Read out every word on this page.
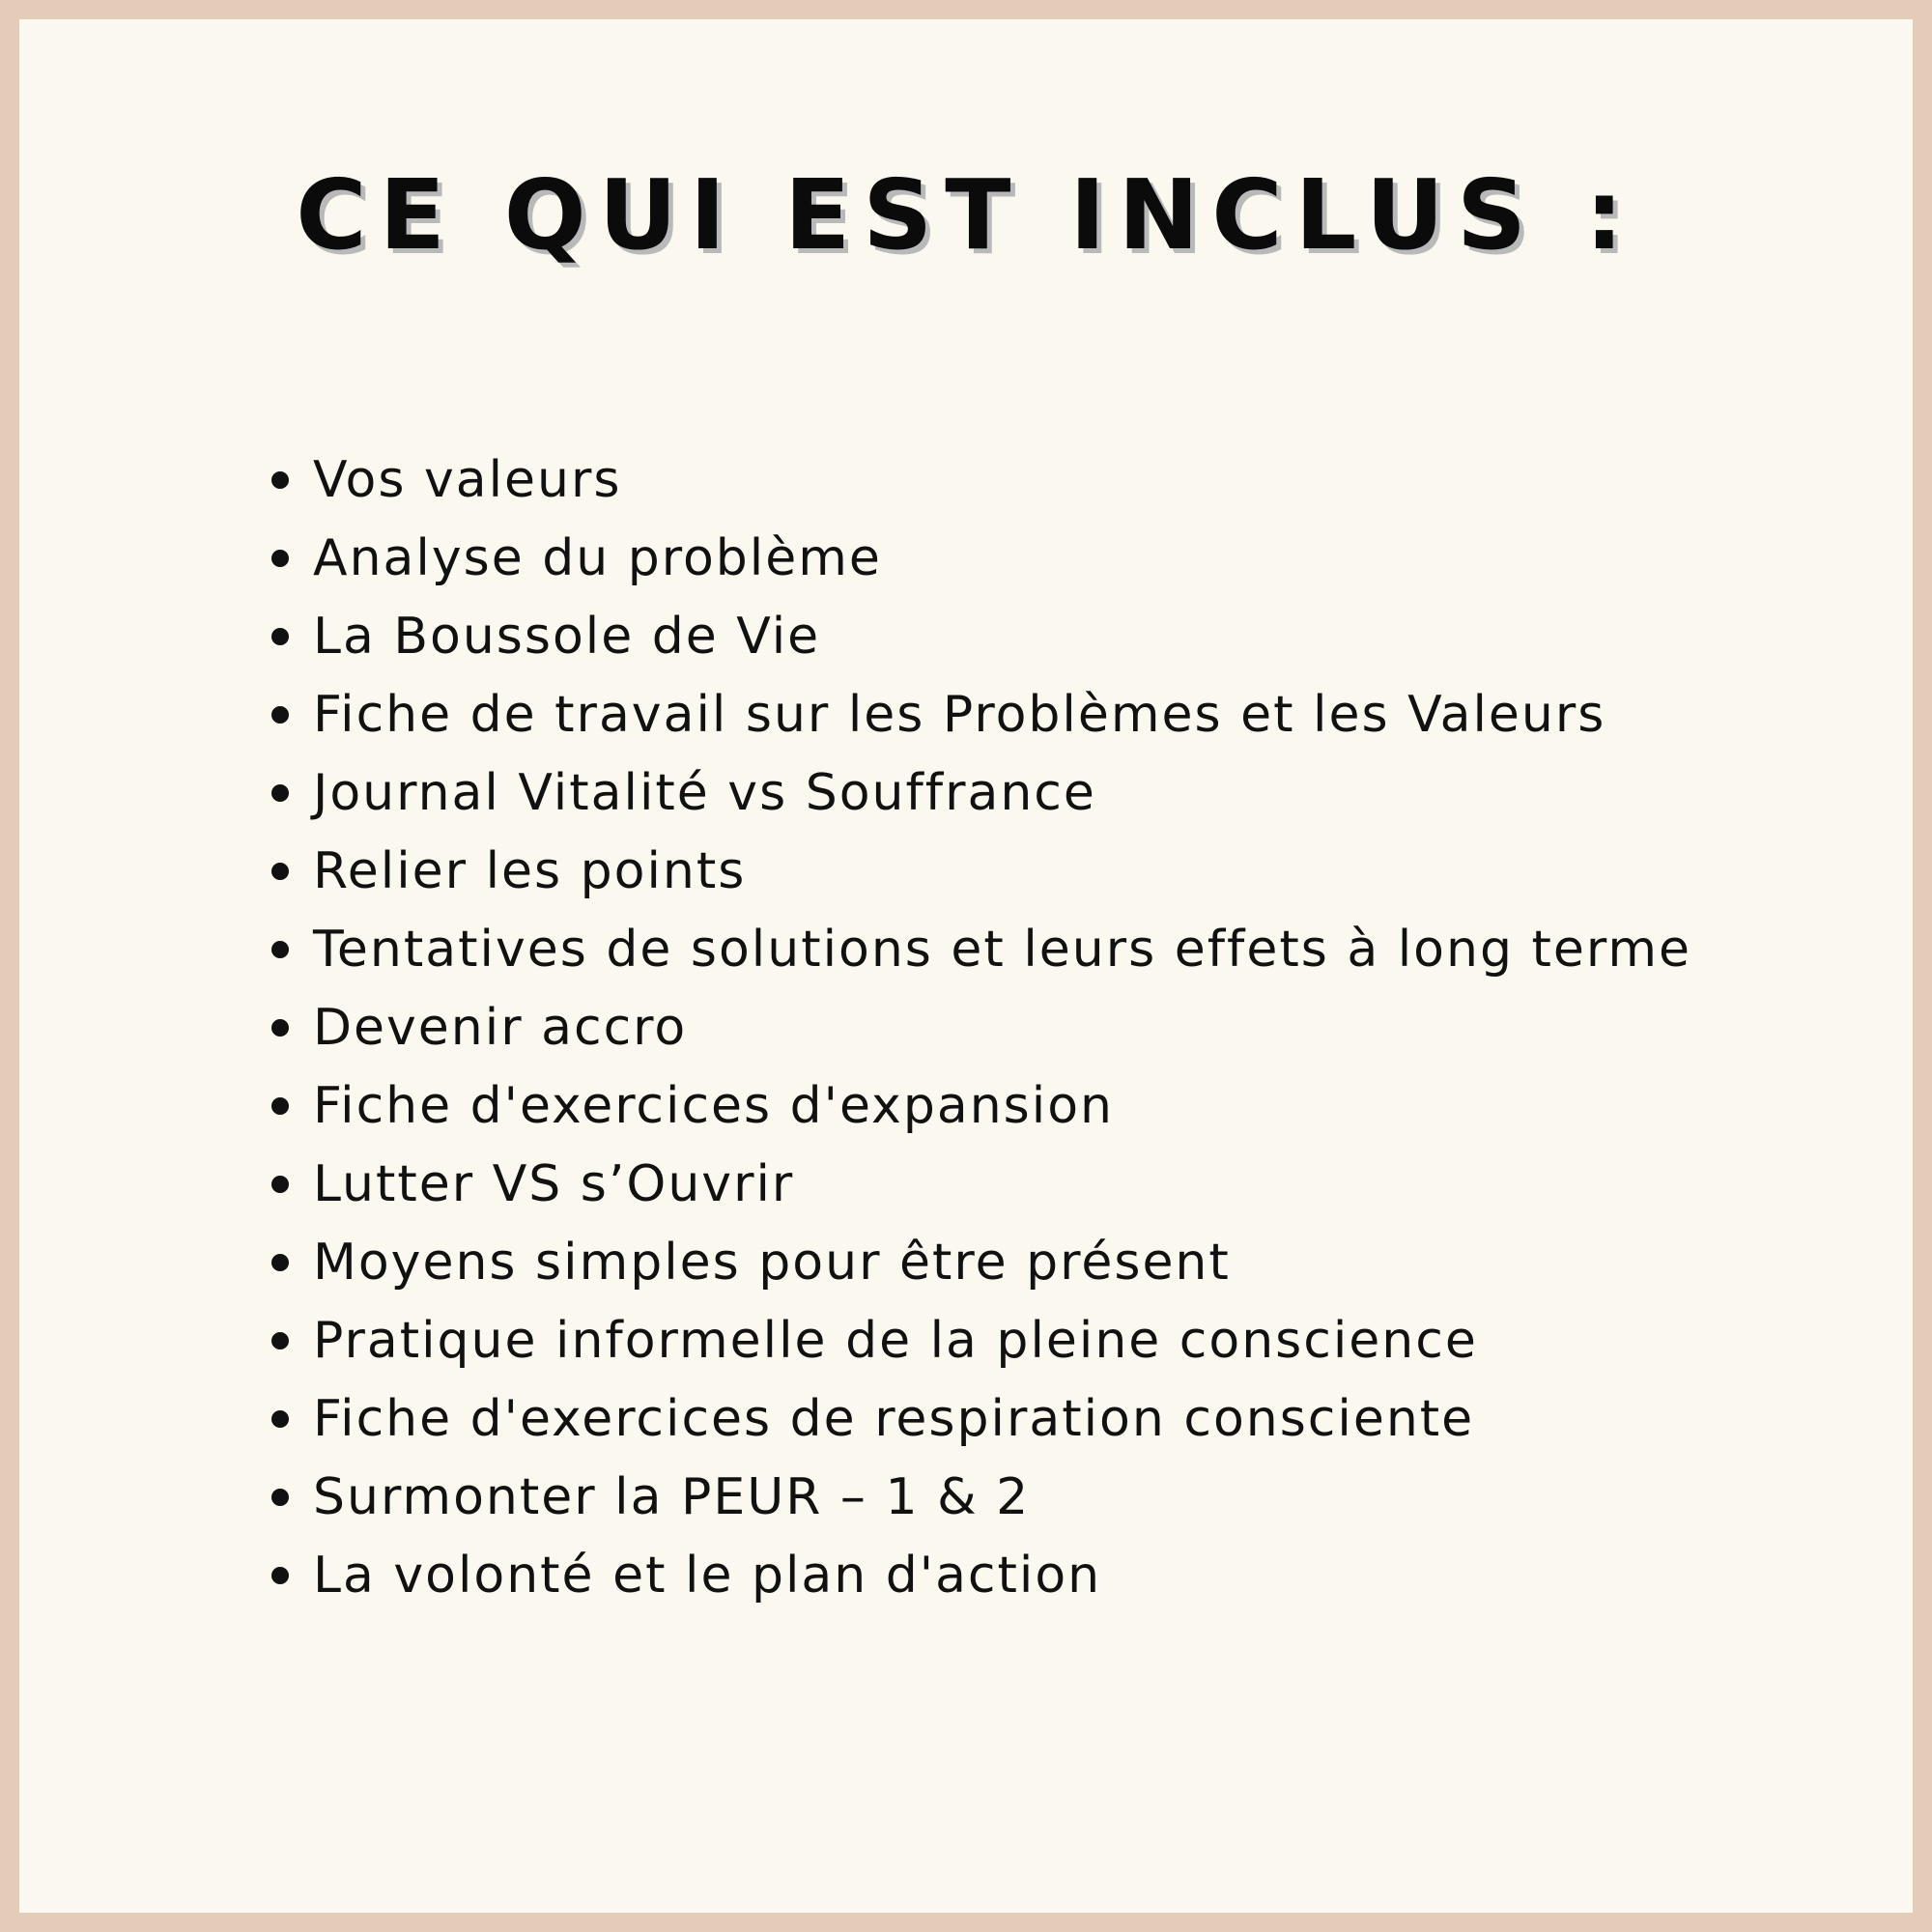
CE QUI EST INCLUS :
Vos valeurs
Analyse du problème
La Boussole de Vie
Fiche de travail sur les Problèmes et les Valeurs
Journal Vitalité vs Souffrance
Relier les points
Tentatives de solutions et leurs effets à long terme
Devenir accro
Fiche d'exercices d'expansion
Lutter VS s’Ouvrir
Moyens simples pour être présent
Pratique informelle de la pleine conscience
Fiche d'exercices de respiration consciente
Surmonter la PEUR – 1 & 2
La volonté et le plan d'action
